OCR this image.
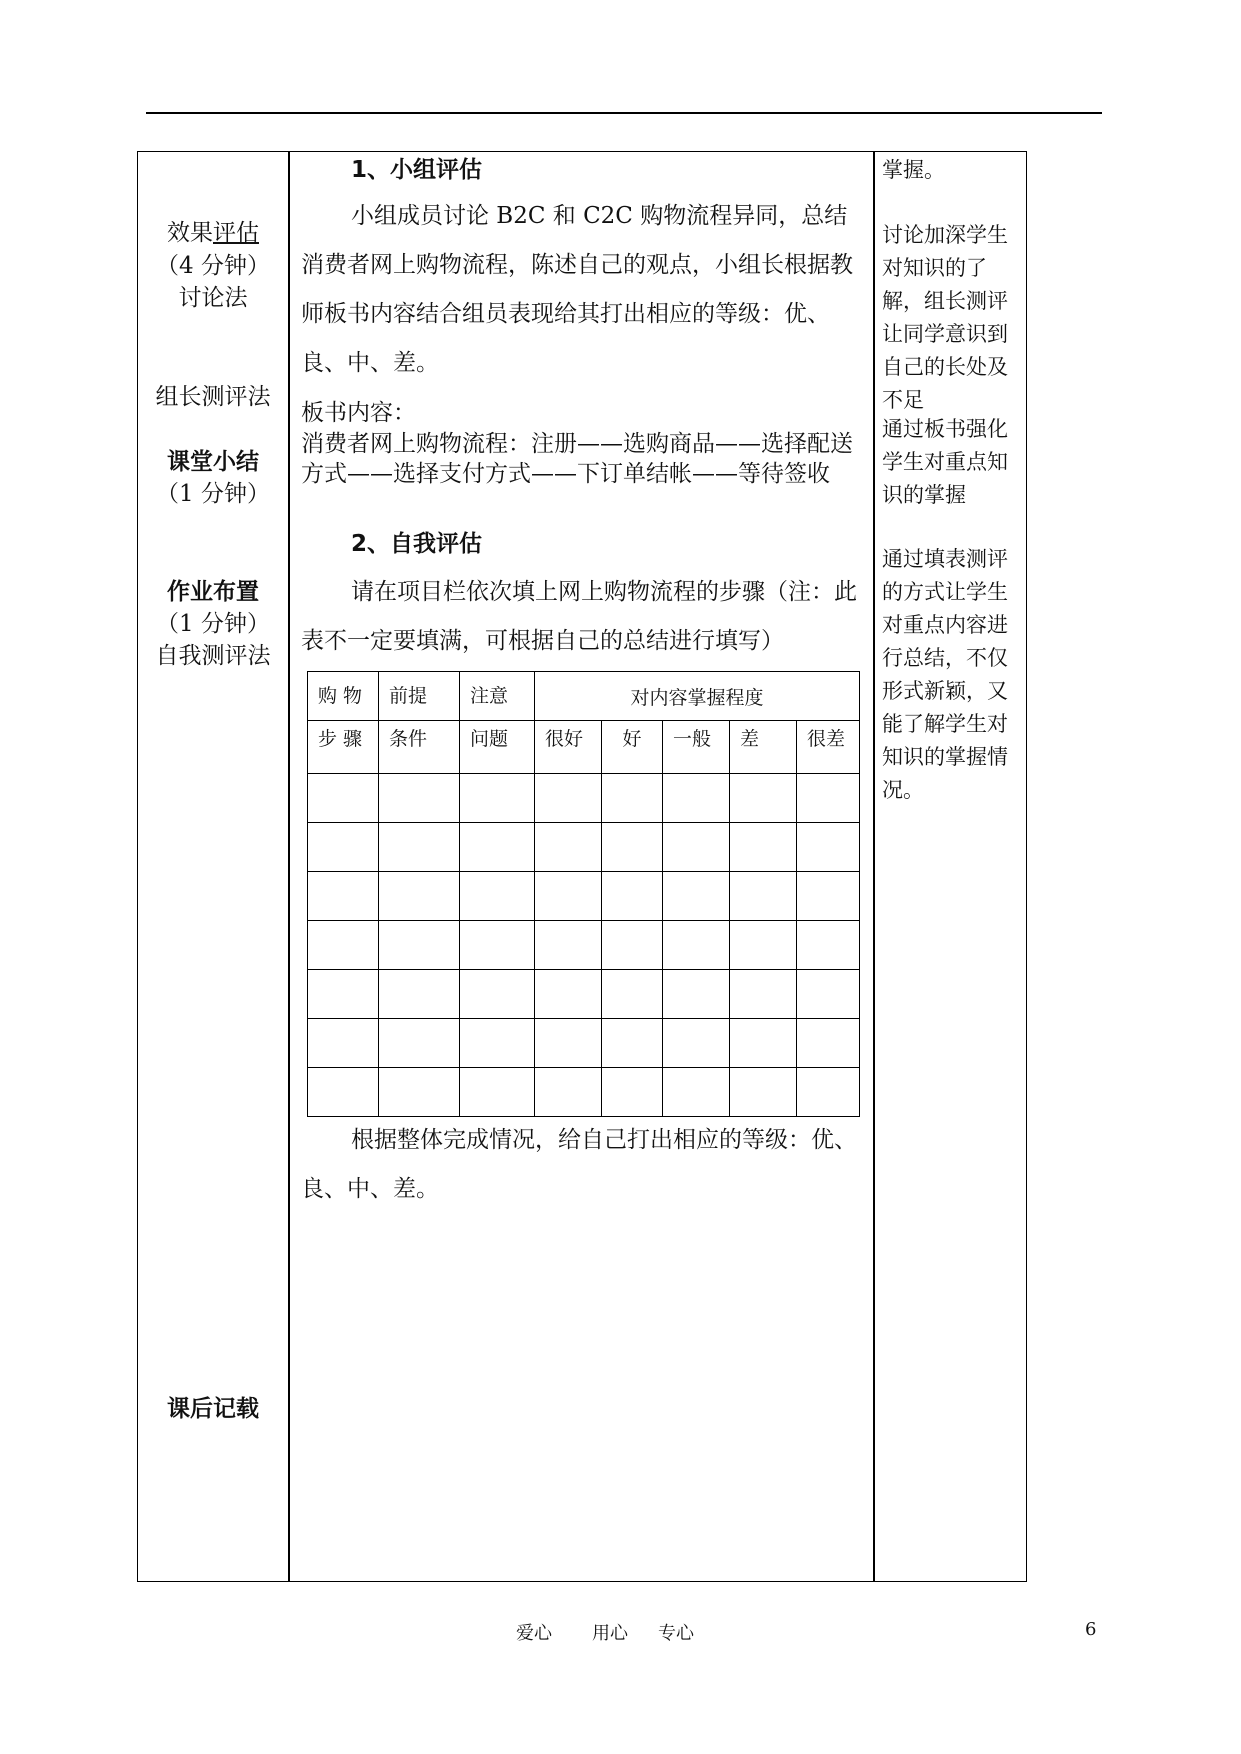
效果评估
（4 分钟）
讨论法
组长测评法
课堂小结
（1 分钟）
作业布置
（1 分钟）
自我测评法
课后记载
1、小组评估
小组成员讨论 B2C 和 C2C 购物流程异同，总结消费者网上购物流程，陈述自己的观点，小组长根据教师板书内容结合组员表现给其打出相应的等级：优、良、中、差。
板书内容：
消费者网上购物流程：注册——选购商品——选择配送方式——选择支付方式——下订单结帐——等待签收
2、自我评估
请在项目栏依次填上网上购物流程的步骤（注：此表不一定要填满，可根据自己的总结进行填写）
购 物	前提	注意	对内容掌握程度				
步 骤	条件	问题	很好	好	一般	差	很差

根据整体完成情况，给自己打出相应的等级：优、良、中、差。
掌握。
讨论加深学生对知识的了解，组长测评让同学意识到自己的长处及不足
通过板书强化学生对重点知识的掌握
通过填表测评的方式让学生对重点内容进行总结，不仅形式新颖，又能了解学生对知识的掌握情况。
爱心 用心 专心	6
